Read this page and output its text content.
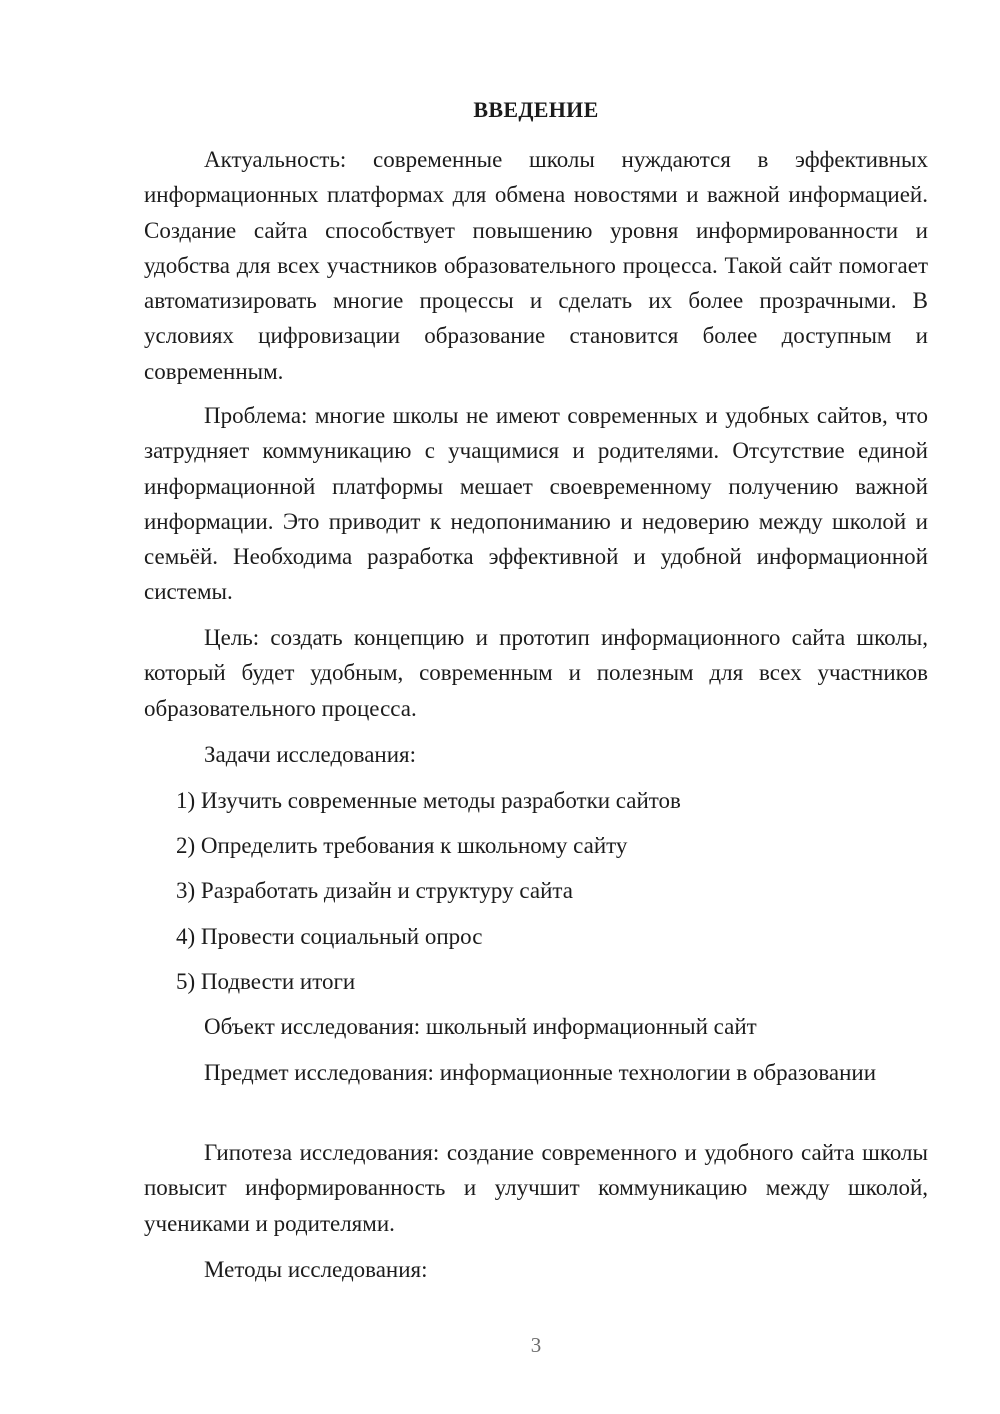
ВВЕДЕНИЕ

Актуальность: современные школы нуждаются в эффективных информационных платформах для обмена новостями и важной информацией. Создание сайта способствует повышению уровня информированности и удобства для всех участников образовательного процесса. Такой сайт помогает автоматизировать многие процессы и сделать их более прозрачными. В условиях цифровизации образование становится более доступным и современным.

Проблема: многие школы не имеют современных и удобных сайтов, что затрудняет коммуникацию с учащимися и родителями. Отсутствие единой информационной платформы мешает своевременному получению важной информации. Это приводит к недопониманию и недоверию между школой и семьёй. Необходима разработка эффективной и удобной информационной системы.

Цель: создать концепцию и прототип информационного сайта школы, который будет удобным, современным и полезным для всех участников образовательного процесса.

Задачи исследования:

1) Изучить современные методы разработки сайтов

2) Определить требования к школьному сайту

3) Разработать дизайн и структуру сайта

4) Провести социальный опрос

5) Подвести итоги

Объект исследования: школьный информационный сайт

Предмет исследования: информационные технологии в образовании

Гипотеза исследования: создание современного и удобного сайта школы повысит информированность и улучшит коммуникацию между школой, учениками и родителями.

Методы исследования:

3
